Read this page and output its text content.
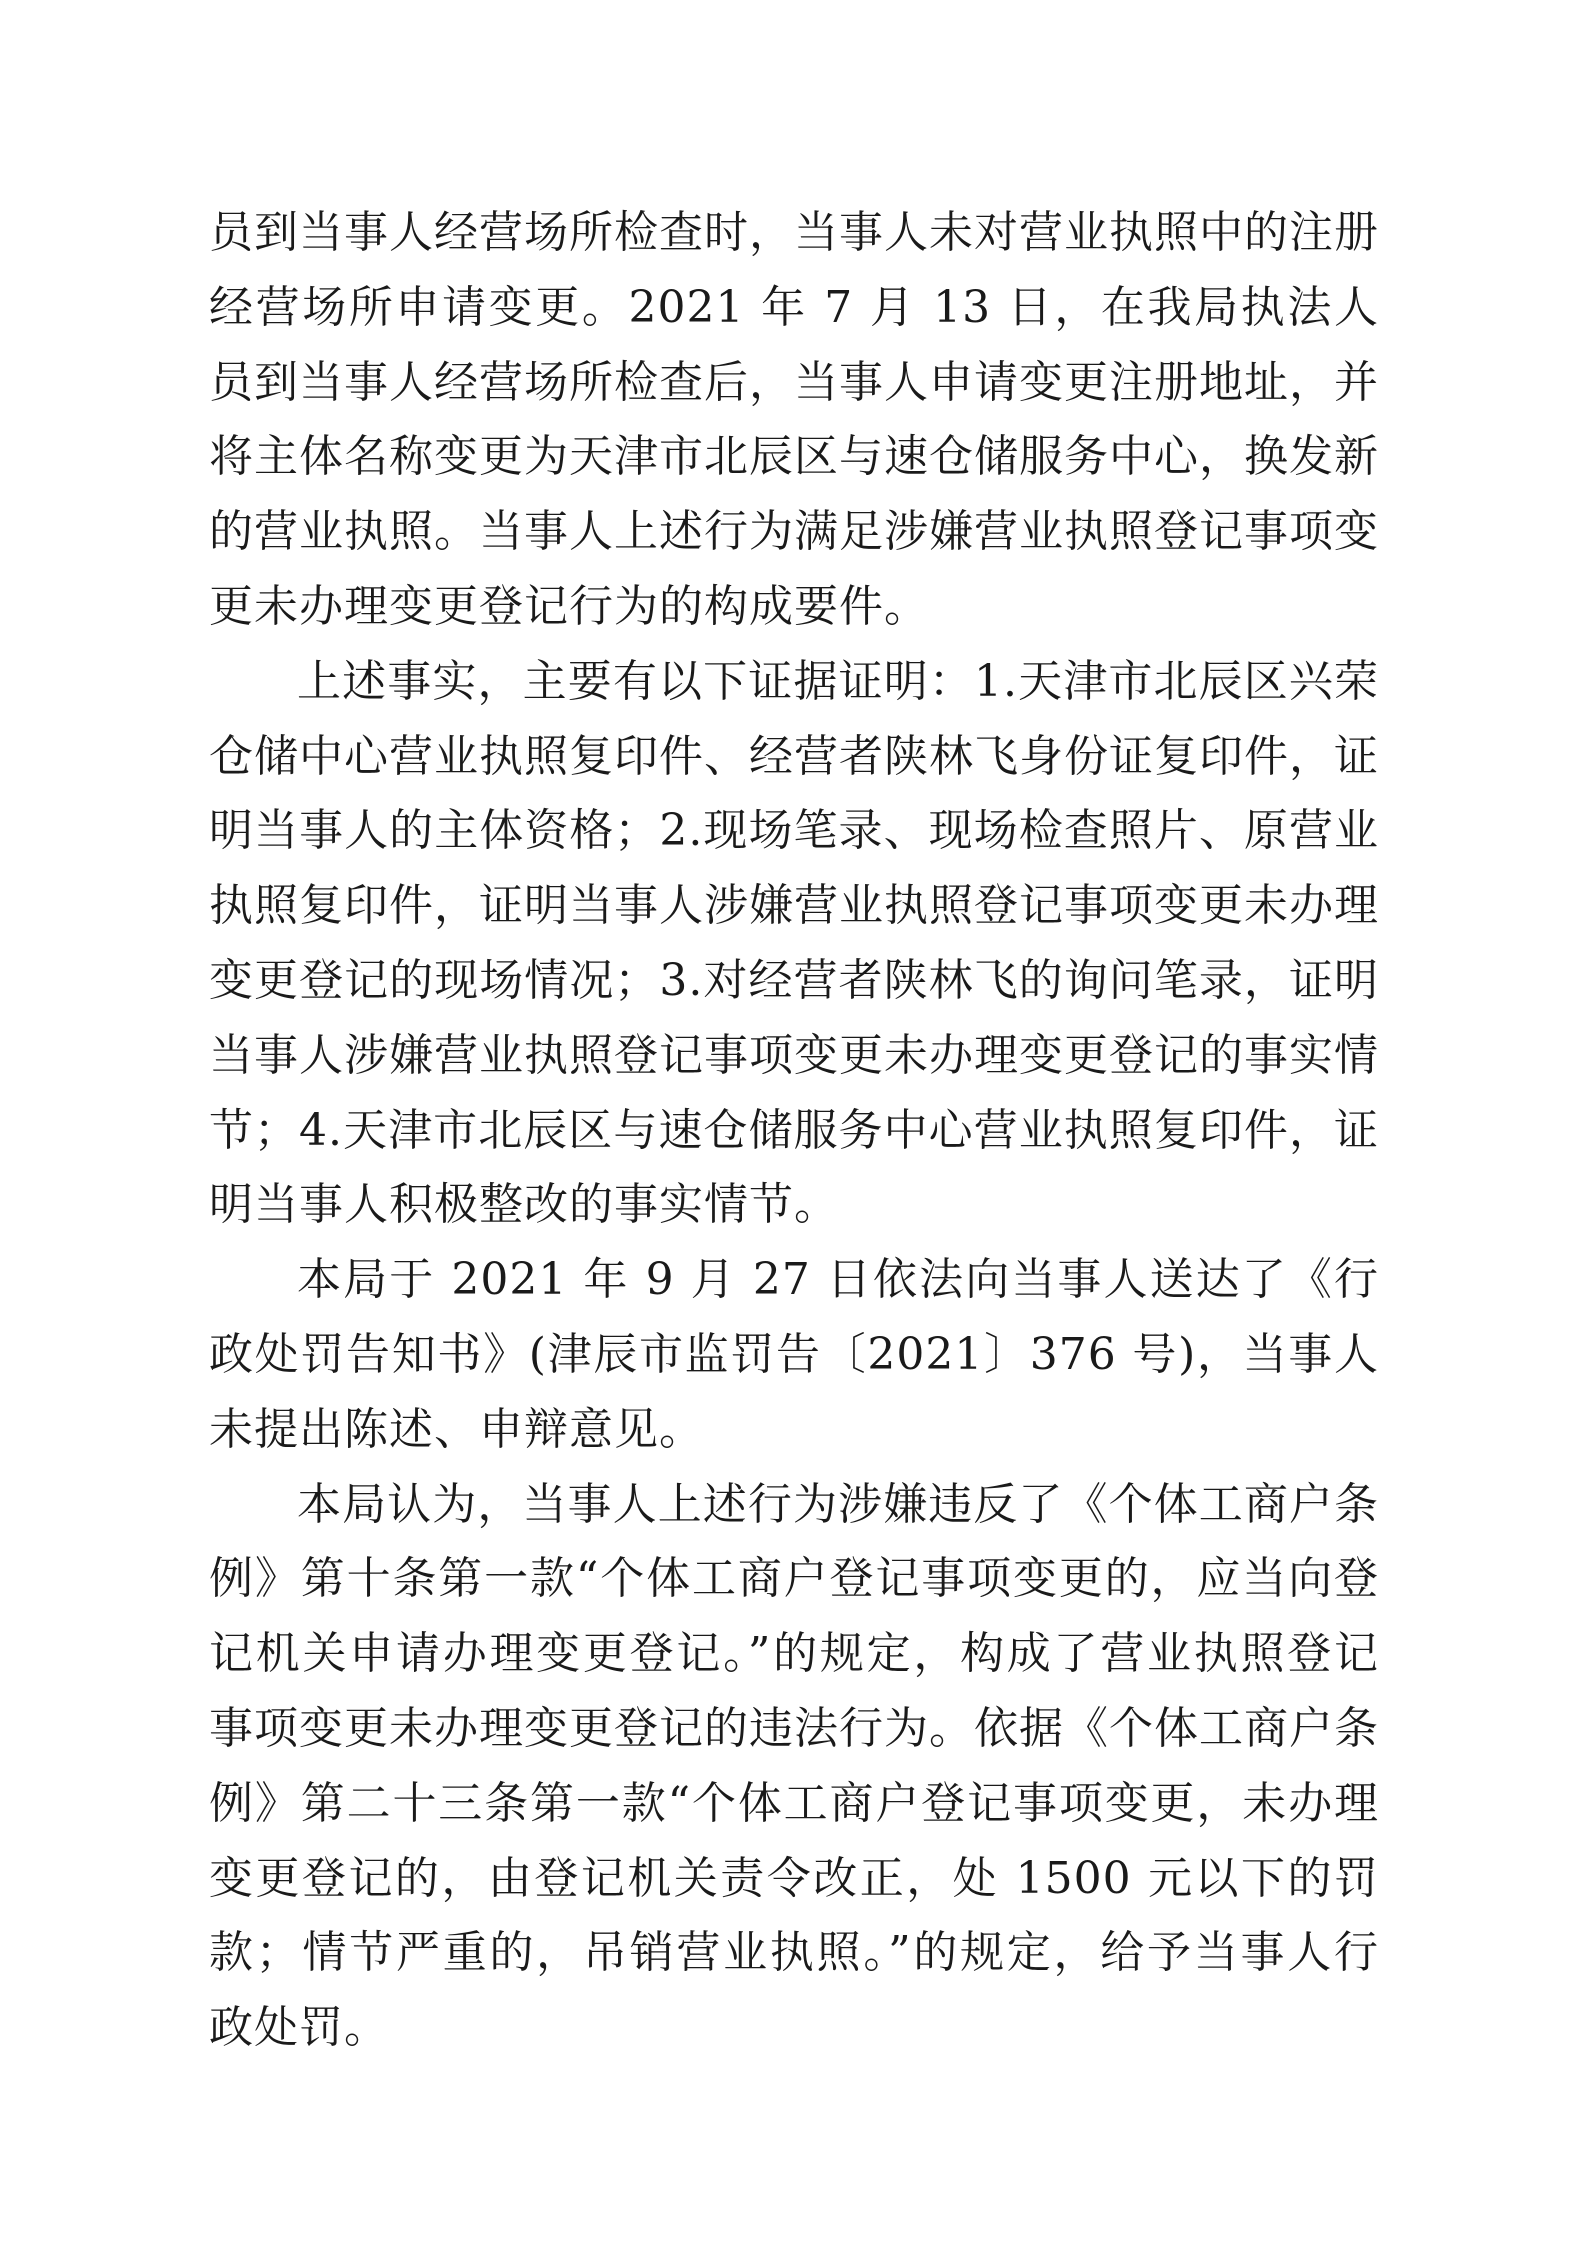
员到当事人经营场所检查时，当事人未对营业执照中的注册经营场所申请变更。2021 年 7 月 13 日，在我局执法人员到当事人经营场所检查后，当事人申请变更注册地址，并将主体名称变更为天津市北辰区与速仓储服务中心，换发新的营业执照。当事人上述行为满足涉嫌营业执照登记事项变更未办理变更登记行为的构成要件。

上述事实，主要有以下证据证明：1.天津市北辰区兴荣仓储中心营业执照复印件、经营者陕林飞身份证复印件，证明当事人的主体资格；2.现场笔录、现场检查照片、原营业执照复印件，证明当事人涉嫌营业执照登记事项变更未办理变更登记的现场情况；3.对经营者陕林飞的询问笔录，证明当事人涉嫌营业执照登记事项变更未办理变更登记的事实情节；4.天津市北辰区与速仓储服务中心营业执照复印件，证明当事人积极整改的事实情节。

本局于 2021 年 9 月 27 日依法向当事人送达了《行政处罚告知书》(津辰市监罚告〔2021〕376 号)，当事人未提出陈述、申辩意见。

本局认为，当事人上述行为涉嫌违反了《个体工商户条例》第十条第一款“个体工商户登记事项变更的，应当向登记机关申请办理变更登记。”的规定，构成了营业执照登记事项变更未办理变更登记的违法行为。依据《个体工商户条例》第二十三条第一款“个体工商户登记事项变更，未办理变更登记的，由登记机关责令改正，处 1500 元以下的罚款；情节严重的，吊销营业执照。”的规定，给予当事人行政处罚。
